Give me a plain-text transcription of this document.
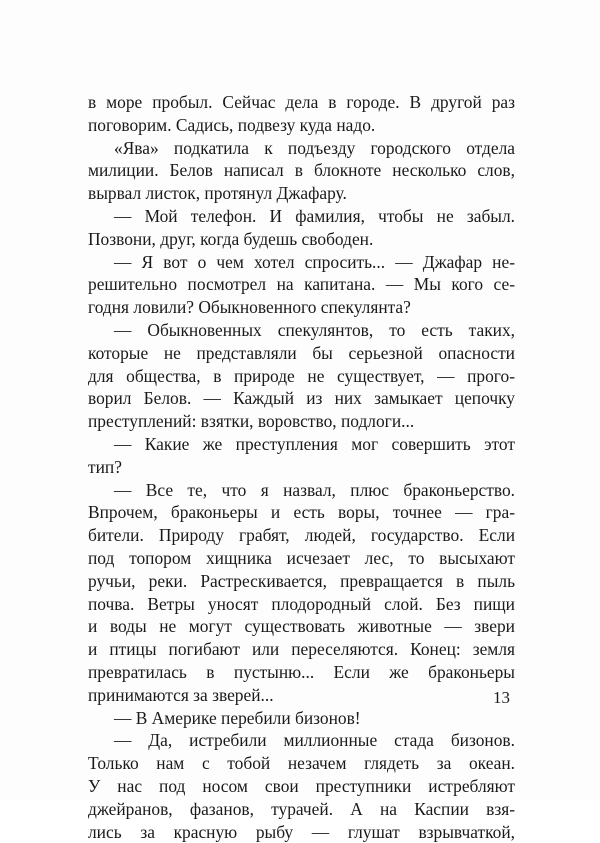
в море пробыл. Сейчас дела в городе. В другой раз
поговорим. Садись, подвезу куда надо.
«Ява» подкатила к подъезду городского отдела
милиции. Белов написал в блокноте несколько слов,
вырвал листок, протянул Джафару.
— Мой телефон. И фамилия, чтобы не забыл.
Позвони, друг, когда будешь свободен.
— Я вот о чем хотел спросить... — Джафар не-
решительно посмотрел на капитана. — Мы кого се-
годня ловили? Обыкновенного спекулянта?
— Обыкновенных спекулянтов, то есть таких,
которые не представляли бы серьезной опасности
для общества, в природе не существует, — прого-
ворил Белов. — Каждый из них замыкает цепочку
преступлений: взятки, воровство, подлоги...
— Какие же преступления мог совершить этот
тип?
— Все те, что я назвал, плюс браконьерство.
Впрочем, браконьеры и есть воры, точнее — гра-
бители. Природу грабят, людей, государство. Если
под топором хищника исчезает лес, то высыхают
ручьи, реки. Растрескивается, превращается в пыль
почва. Ветры уносят плодородный слой. Без пищи
и воды не могут существовать животные — звери
и птицы погибают или переселяются. Конец: земля
превратилась в пустыню... Если же браконьеры
принимаются за зверей...
— В Америке перебили бизонов!
— Да, истребили миллионные стада бизонов.
Только нам с тобой незачем глядеть за океан.
У нас под носом свои преступники истребляют
джейранов, фазанов, турачей. А на Каспии взя-
лись за красную рыбу — глушат взрывчаткой,
13
